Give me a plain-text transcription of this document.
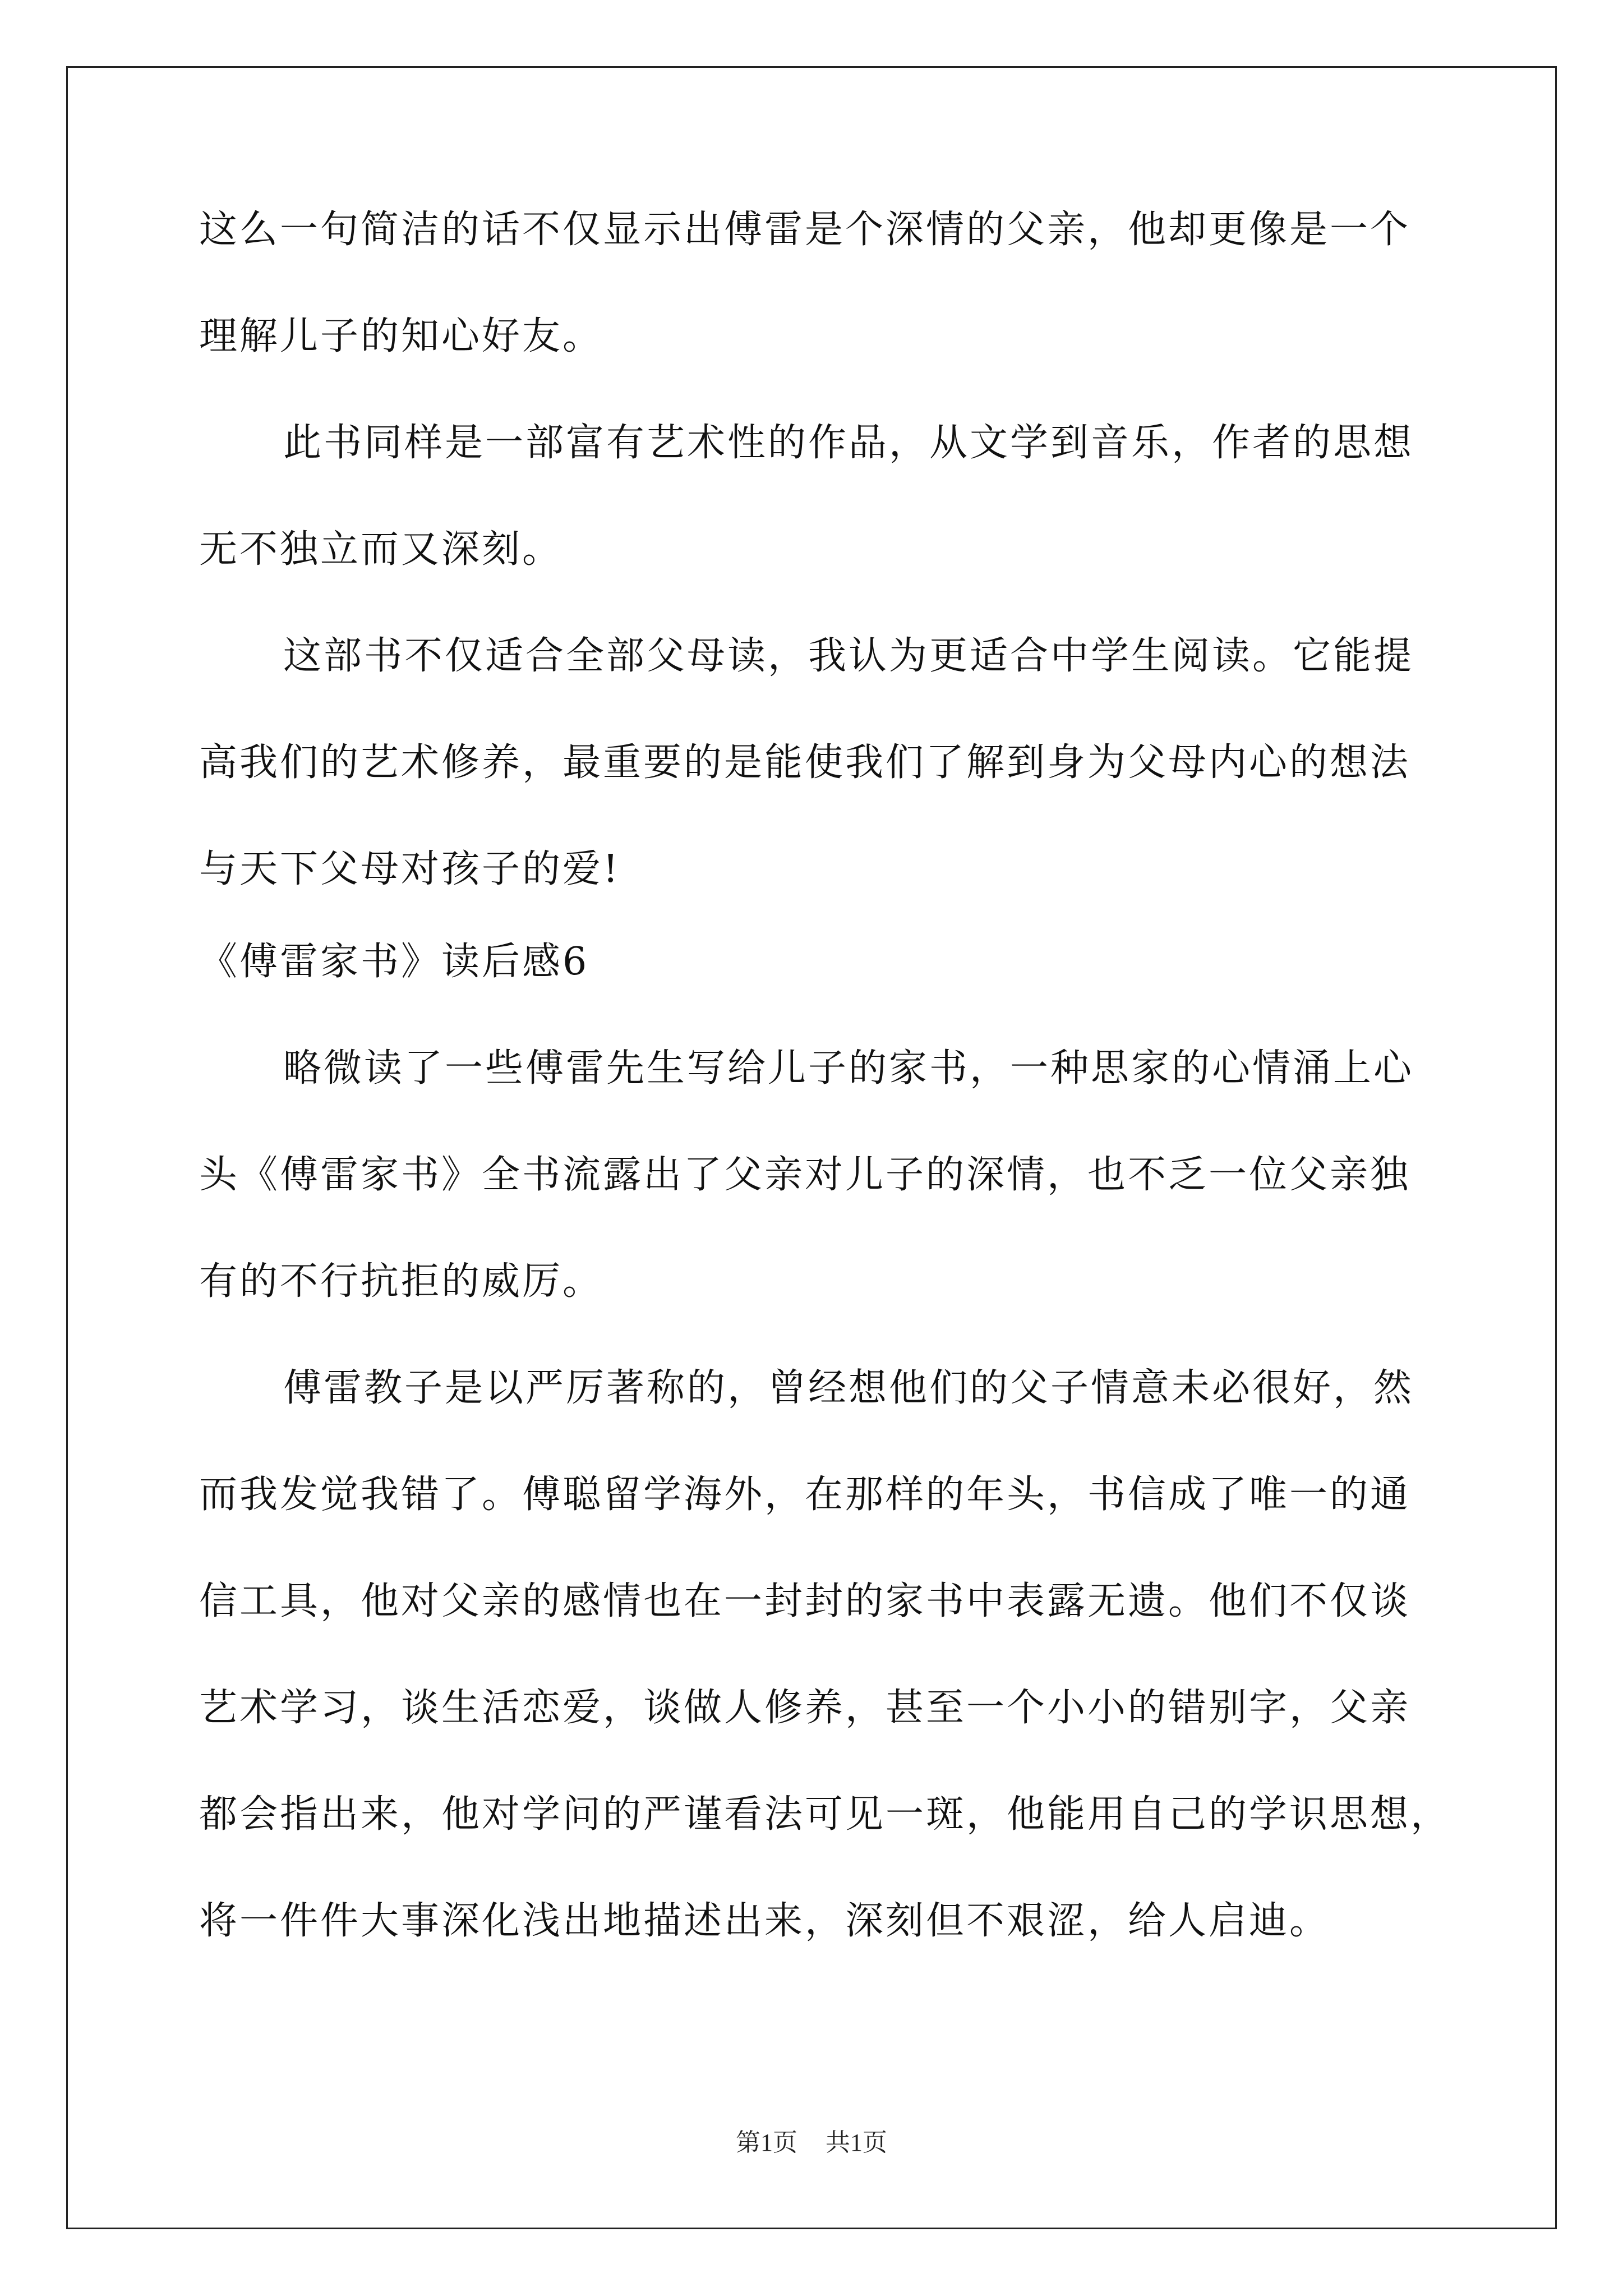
这么一句简洁的话不仅显示出傅雷是个深情的父亲，他却更像是一个
理解儿子的知心好友。
此书同样是一部富有艺术性的作品，从文学到音乐，作者的思想
无不独立而又深刻。
这部书不仅适合全部父母读，我认为更适合中学生阅读。它能提
高我们的艺术修养，最重要的是能使我们了解到身为父母内心的想法
与天下父母对孩子的爱!
《傅雷家书》读后感6
略微读了一些傅雷先生写给儿子的家书，一种思家的心情涌上心
头《傅雷家书》全书流露出了父亲对儿子的深情，也不乏一位父亲独
有的不行抗拒的威厉。
傅雷教子是以严厉著称的，曾经想他们的父子情意未必很好，然
而我发觉我错了。傅聪留学海外，在那样的年头，书信成了唯一的通
信工具，他对父亲的感情也在一封封的家书中表露无遗。他们不仅谈
艺术学习，谈生活恋爱，谈做人修养，甚至一个小小的错别字，父亲
都会指出来，他对学问的严谨看法可见一斑，他能用自己的学识思想，
将一件件大事深化浅出地描述出来，深刻但不艰涩，给人启迪。
第1页 共1页
